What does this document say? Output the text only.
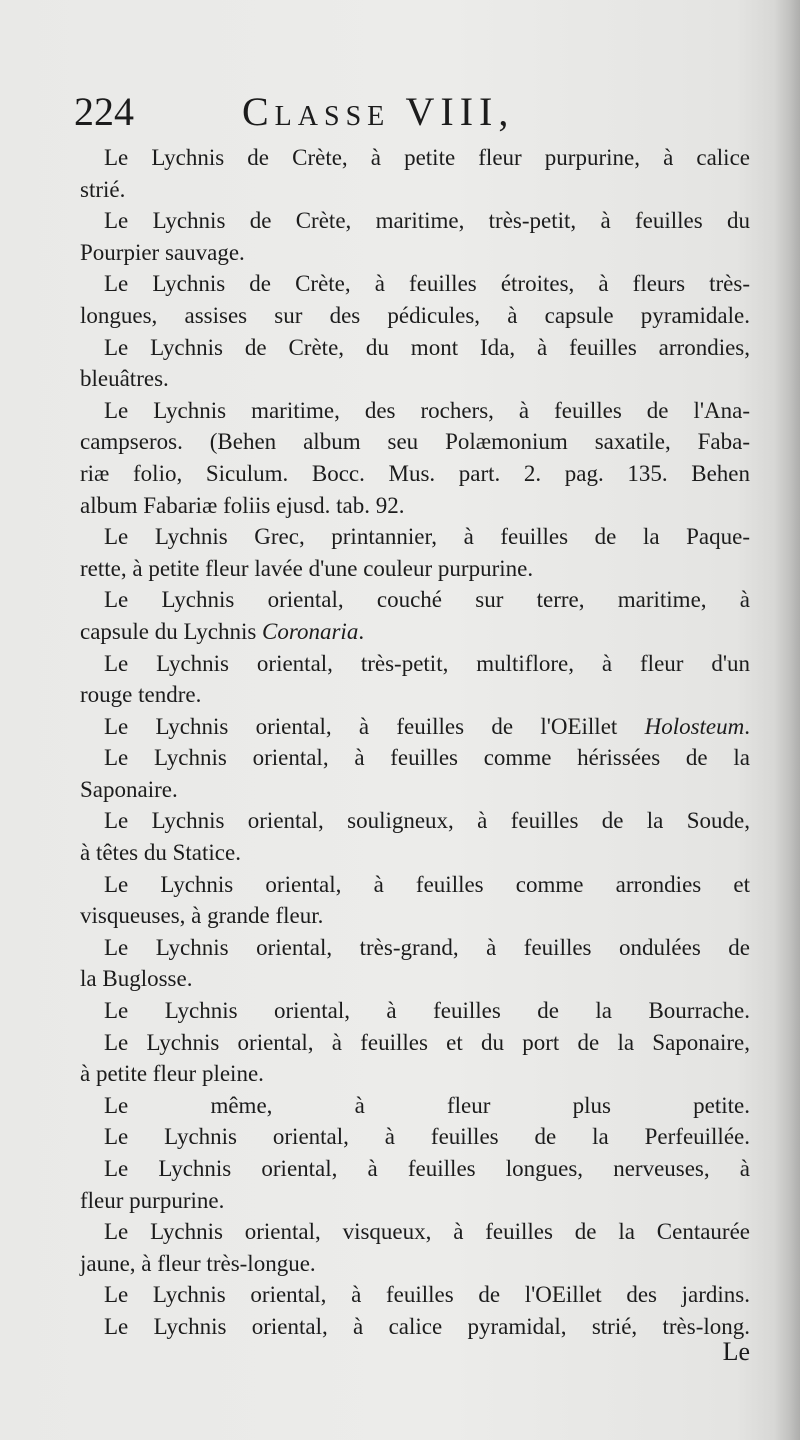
224	Classe VIII,
Le Lychnis de Crète, à petite fleur purpurine, à calice
strié.
Le Lychnis de Crète, maritime, très-petit, à feuilles du
Pourpier sauvage.
Le Lychnis de Crète, à feuilles étroites, à fleurs très-
longues, assises sur des pédicules, à capsule pyramidale.
Le Lychnis de Crète, du mont Ida, à feuilles arrondies,
bleuâtres.
Le Lychnis maritime, des rochers, à feuilles de l'Ana-
campseros. (Behen album seu Polæmonium saxatile, Faba-
riæ folio, Siculum. Bocc. Mus. part. 2. pag. 135. Behen
album Fabariæ foliis ejusd. tab. 92.
Le Lychnis Grec, printannier, à feuilles de la Paque-
rette, à petite fleur lavée d'une couleur purpurine.
Le Lychnis oriental, couché sur terre, maritime, à
capsule du Lychnis Coronaria.
Le Lychnis oriental, très-petit, multiflore, à fleur d'un
rouge tendre.
Le Lychnis oriental, à feuilles de l'OEillet Holosteum.
Le Lychnis oriental, à feuilles comme hérissées de la
Saponaire.
Le Lychnis oriental, souligneux, à feuilles de la Soude,
à têtes du Statice.
Le Lychnis oriental, à feuilles comme arrondies et
visqueuses, à grande fleur.
Le Lychnis oriental, très-grand, à feuilles ondulées de
la Buglosse.
Le Lychnis oriental, à feuilles de la Bourrache.
Le Lychnis oriental, à feuilles et du port de la Saponaire,
à petite fleur pleine.
Le même, à fleur plus petite.
Le Lychnis oriental, à feuilles de la Perfeuillée.
Le Lychnis oriental, à feuilles longues, nerveuses, à
fleur purpurine.
Le Lychnis oriental, visqueux, à feuilles de la Centaurée
jaune, à fleur très-longue.
Le Lychnis oriental, à feuilles de l'OEillet des jardins.
Le Lychnis oriental, à calice pyramidal, strié, très-long.
Le
